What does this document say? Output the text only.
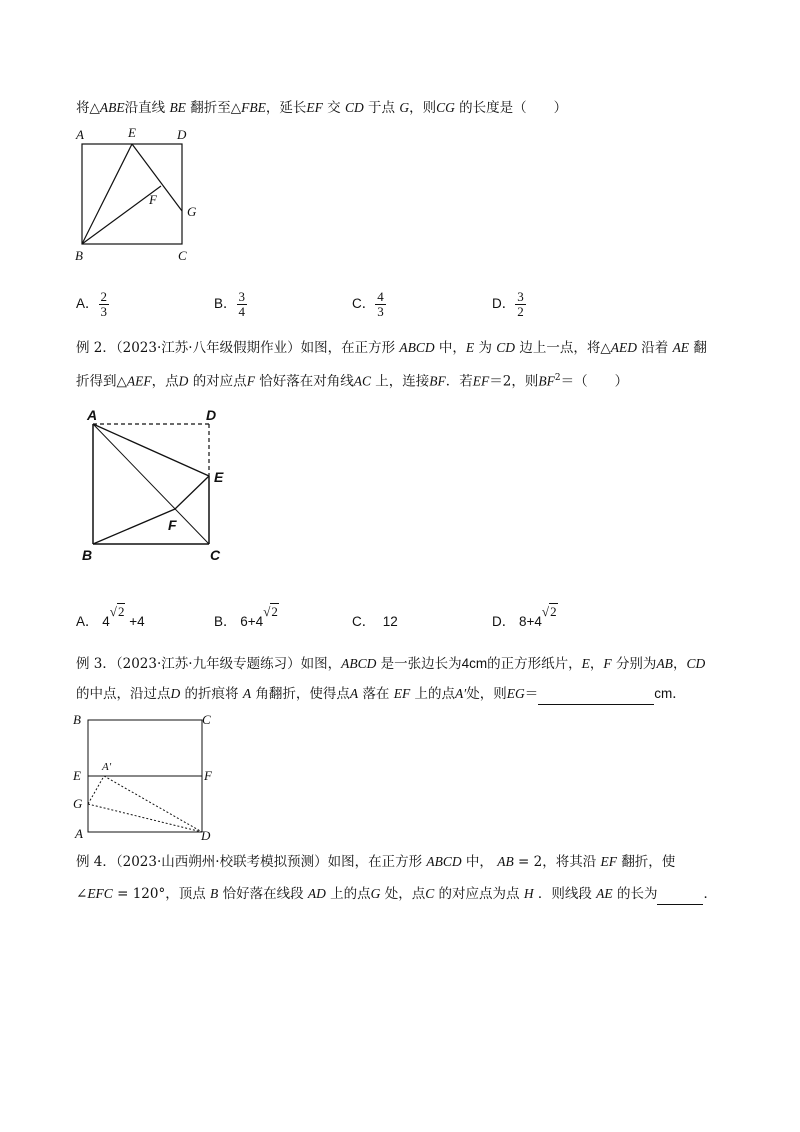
将△ABE沿直线 BE 翻折至△FBE，延长EF 交 CD 于点 G，则CG 的长度是（　　）
A	E	D
F
G
B	C
A． $\frac{2}{3}$	B． $\frac{3}{4}$	C． $\frac{4}{3}$	D． $\frac{3}{2}$
例 2．（2023·江苏·八年级假期作业）如图，在正方形 ABCD 中，E 为 CD 边上一点，将△AED 沿着 AE 翻
折得到△AEF，点D 的对应点F 恰好落在对角线AC 上，连接BF．若EF＝2，则$BF^2=$（　　）
A	D
E
F
B	C
A． 4√2 +4	B． 6+4√2
C． 12	D． 8+4√2
例 3．（2023·江苏·九年级专题练习）如图，ABCD 是一张边长为4cm的正方形纸片，E，F 分别为AB，CD
的中点，沿过点D 的折痕将 A 角翻折，使得点A 落在 EF 上的点A′处，则EG＝	cm．
B	C
E
A′
F
G
A	D
例 4．（2023·山西朔州·校联考模拟预测）如图，在正方形 ABCD 中， AB = 2，将其沿 EF 翻折，使
∠EFC = 120°，顶点 B 恰好落在线段 AD 上的点G 处，点C 的对应点为点 H ．则线段 AE 的长为	．
